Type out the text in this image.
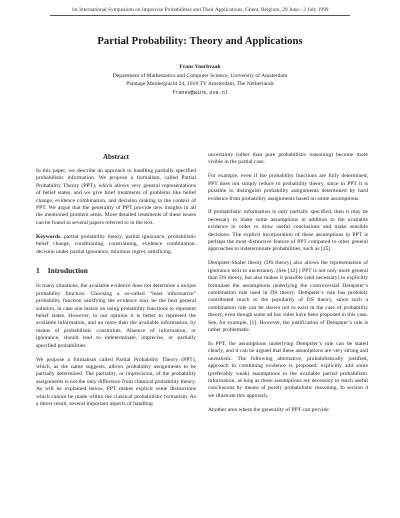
1st International Symposium on Imprecise Probabilities and Their Applications, Ghent, Belgium, 29 June - 2 July 1999
Partial Probability: Theory and Applications
Frans Voorbraak
Department of Mathematics and Computer Science, University of Amsterdam
Plantage Muidergracht 24, 1018 TV Amsterdam, The Netherlands
fransv@wins.uva.nl
Abstract

In this paper, we describe an approach to handling partially specified probabilistic information. We propose a formalism, called Partial Probability Theory (PPT), which allows very general representations of belief states, and we give brief treatments of problems like belief change, evidence combination, and decision making in the context of PPT. We argue that the generality of PPT provide new insights in all the mentioned problem areas. More detailed treatments of these issues can be found in several papers referred to in the text.

Keywords. partial probability theory, partial ignorance, probabilistic belief change, conditioning, constraining, evidence combination, decision under partial ignorance, minimax regret, satisficing.

1 Introduction

In many situations, the available evidence does not determine a unique probability function. Choosing a so-called “least informative” probability function satisfying the evidence may be the best general solution, in case one insists on using probability functions to represent belief states. However, in our opinion it is better to represent the available information, and no more than the available information, by means of probabilistic constraints. Absence of information, or ignorance, should lead to indeterminate, imprecise, or partially specified probabilities.

We propose a formalism called Partial Probability Theory (PPT), which, as the name suggests, allows probability assignments to be partially determined. The partiality, or imprecision, of the probability assignments is not the only difference from classical probability theory. As will be explained below, PPT makes explicit some distinctions which cannot be made within the classical probabilistic formalism. As a direct result, several important aspects of handling

uncertainty (other than pure probabilistic reasoning) become more visible in the partial case.

For example, even if the probability functions are fully determined, PPT does not simply reduce to probability theory, since in PPT it is possible to distinguish probability assignments determined by hard evidence from probability assignments based on some assumptions.

If probabilistic information is only partially specified, then it may be necessary to make some assumptions in addition to the available evidence in order to draw useful conclusions and make sensible decisions. The explicit incorporation of these assumptions in PPT is perhaps the most distinctive feature of PPT compared to other general approaches to indeterminate probabilities, such as [25].

Dempster-Shafer theory (DS theory) also allows the representation of ignorance next to uncertainty. (See [12].) PPT is not only more general than DS theory, but also makes it possible (and necessary) to explicitly formulate the assumptions underlying the controversial Dempster’s combination rule used in DS theory. Dempster’s rule has probably contributed much to the popularity of DS theory, since such a combination rule can be shown not to exist in the case of probability theory, even though some ad hoc rules have been proposed in this case. See, for example, [1]. However, the justification of Dempster’s rule is rather problematic.

In PPT, the assumptions underlying Dempster’s rule can be stated clearly, and it can be argued that these assumptions are very strong and unrealistic. The following alternative, probabilistically justified, approach to combining evidence is proposed: explicitly add some (preferably weak) assumptions to the available partial probabilistic information, as long as these assumptions are necessary to reach useful conclusions by means of purely probabilistic reasoning. In section 4 we illustrate this approach.

Another area where the generality of PPT can provide
